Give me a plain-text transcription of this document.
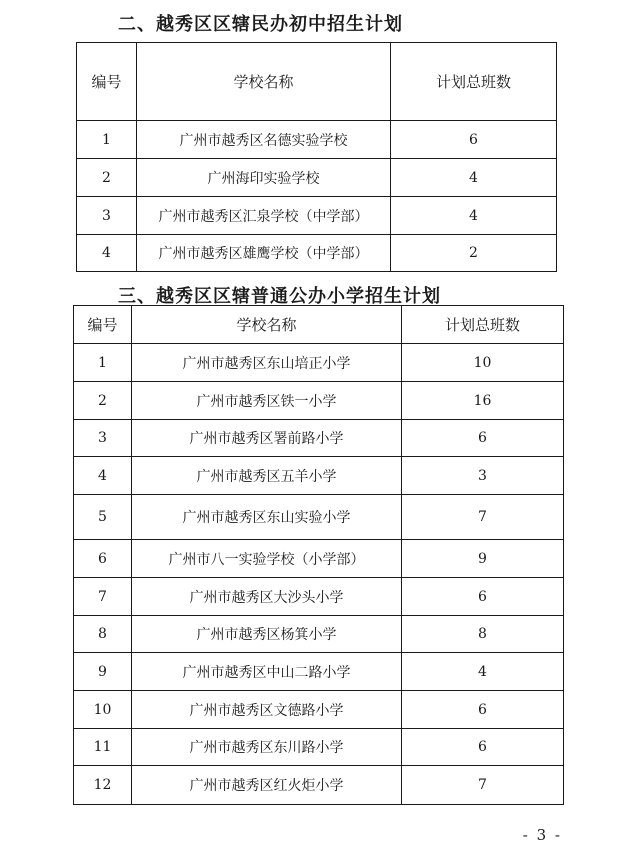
二、越秀区区辖民办初中招生计划
编号	学校名称	计划总班数
1	广州市越秀区名德实验学校	6
2	广州海印实验学校	4
3	广州市越秀区汇泉学校（中学部）	4
4	广州市越秀区雄鹰学校（中学部）	2
三、越秀区区辖普通公办小学招生计划
编号	学校名称	计划总班数
1	广州市越秀区东山培正小学	10
2	广州市越秀区铁一小学	16
3	广州市越秀区署前路小学	6
4	广州市越秀区五羊小学	3
5	广州市越秀区东山实验小学	7
6	广州市八一实验学校（小学部）	9
7	广州市越秀区大沙头小学	6
8	广州市越秀区杨箕小学	8
9	广州市越秀区中山二路小学	4
10	广州市越秀区文德路小学	6
11	广州市越秀区东川路小学	6
12	广州市越秀区红火炬小学	7
- 3 -
